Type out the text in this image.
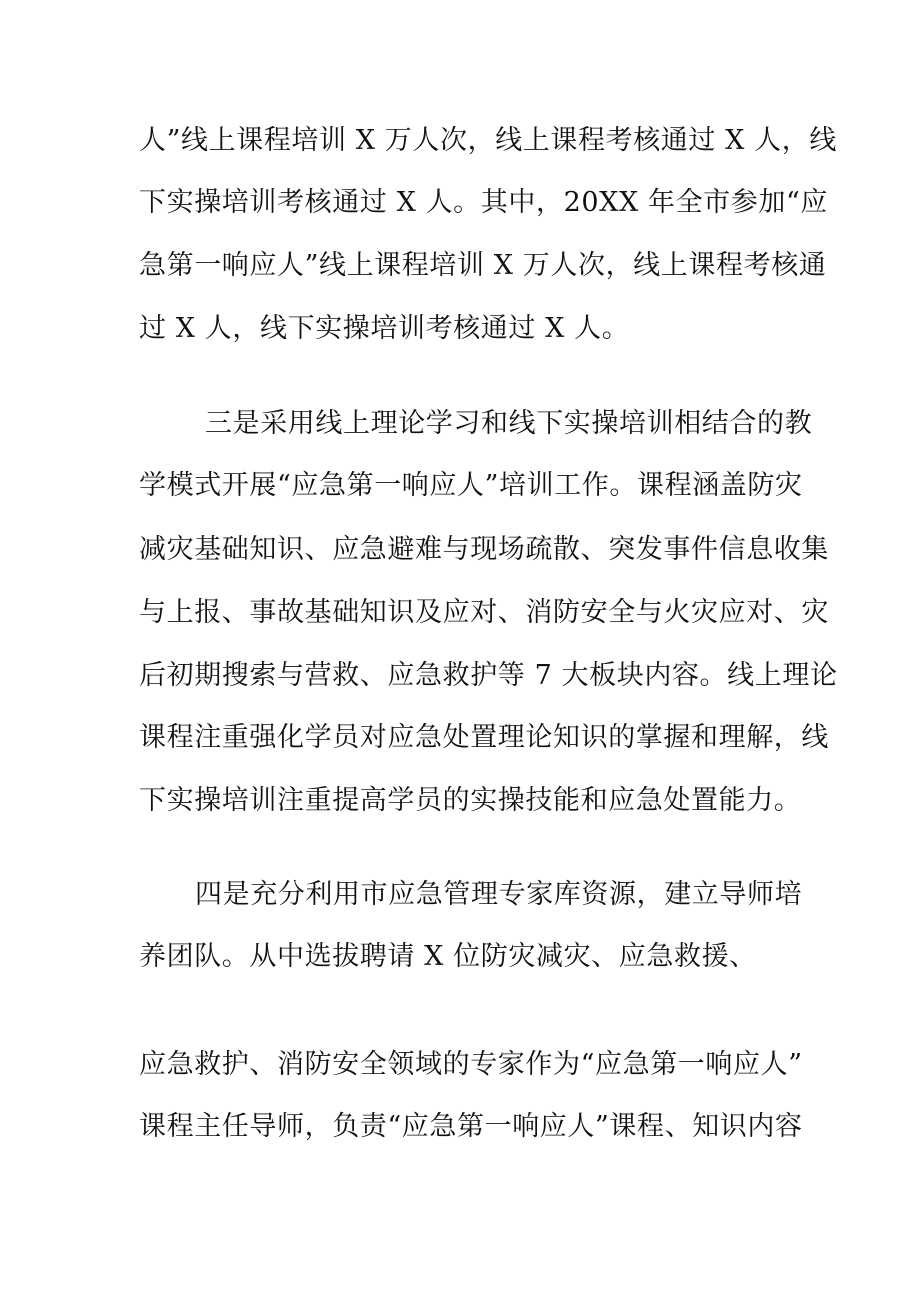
人”线上课程培训 X 万人次，线上课程考核通过 X 人，线
下实操培训考核通过 X 人。其中，20XX 年全市参加“应
急第一响应人”线上课程培训 X 万人次，线上课程考核通
过 X 人，线下实操培训考核通过 X 人。
三是采用线上理论学习和线下实操培训相结合的教
学模式开展“应急第一响应人”培训工作。课程涵盖防灾
减灾基础知识、应急避难与现场疏散、突发事件信息收集
与上报、事故基础知识及应对、消防安全与火灾应对、灾
后初期搜索与营救、应急救护等 7 大板块内容。线上理论
课程注重强化学员对应急处置理论知识的掌握和理解，线
下实操培训注重提高学员的实操技能和应急处置能力。
四是充分利用市应急管理专家库资源，建立导师培
养团队。从中选拔聘请 X 位防灾减灾、应急救援、
应急救护、消防安全领域的专家作为“应急第一响应人”
课程主任导师，负责“应急第一响应人”课程、知识内容
